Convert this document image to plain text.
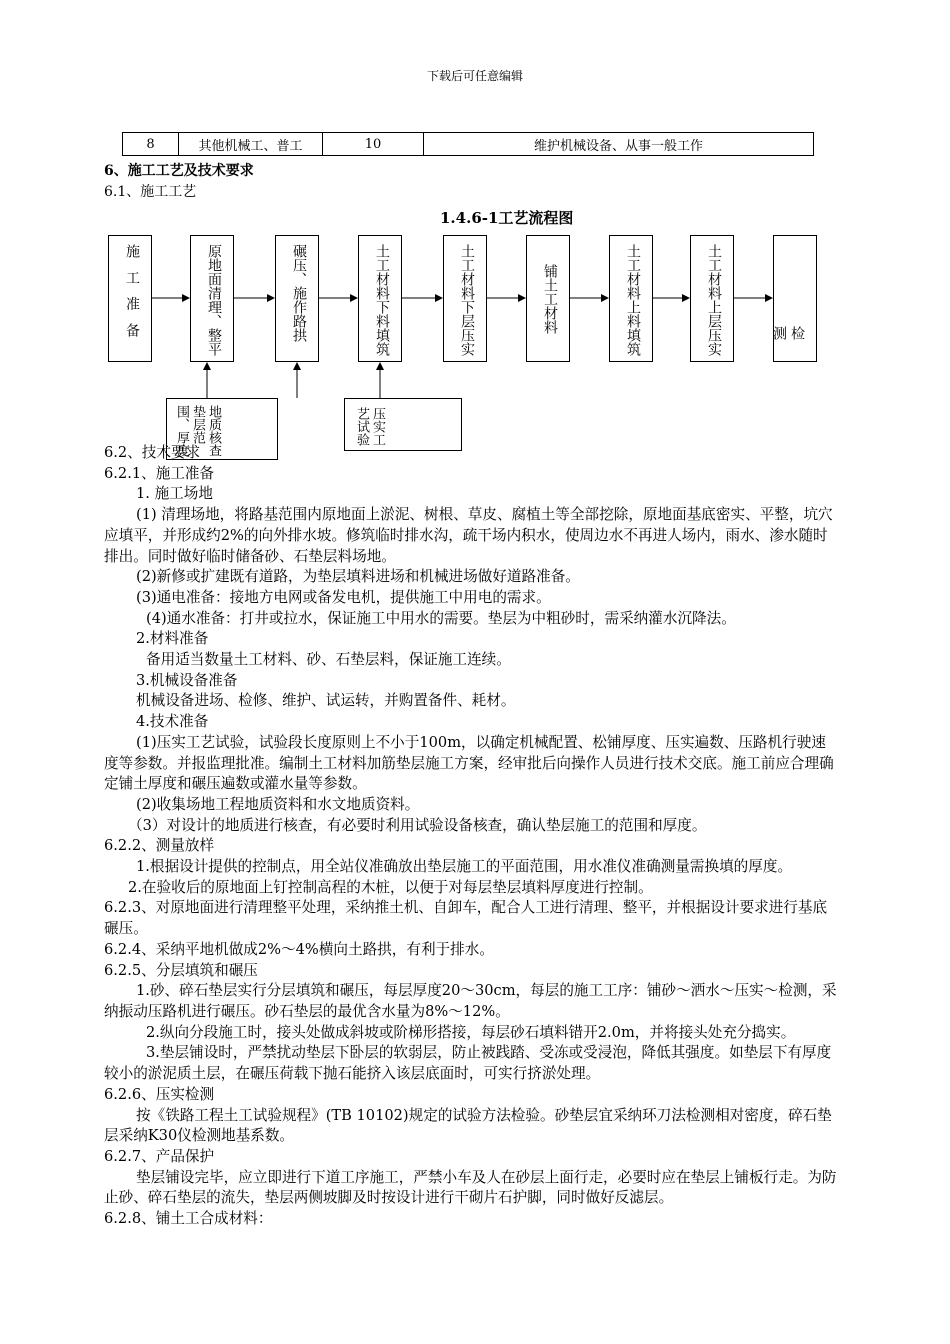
下载后可任意编辑
8	其他机械工、普工	10	维护机械设备、从事一般工作
6、施工工艺及技术要求
6.1、施工工艺
1.4.6-1工艺流程图
施 工 准 备	原地面清理、整平	碾压、施作路拱	土工材料下料填筑	土工材料下层压实	铺土工材料	土工材料上料填筑	土工材料上层压实	检　　测
地质核查垫层范围、厚度	压实工艺试验

6.2、技术要求

6.2.1、施工准备

1. 施工场地

(1) 清理场地，将路基范围内原地面上淤泥、树根、草皮、腐植土等全部挖除，原地面基底密实、平整，坑穴应填平，并形成约2%的向外排水坡。修筑临时排水沟，疏干场内积水，使周边水不再进人场内，雨水、渗水随时排出。同时做好临时储备砂、石垫层料场地。

(2)新修或扩建既有道路，为垫层填料进场和机械进场做好道路准备。

(3)通电准备：接地方电网或备发电机，提供施工中用电的需求。

(4)通水准备：打井或拉水，保证施工中用水的需要。垫层为中粗砂时，需采纳灌水沉降法。

2.材料准备

备用适当数量土工材料、砂、石垫层料，保证施工连续。

3.机械设备准备

机械设备进场、检修、维护、试运转，并购置备件、耗材。

4.技术准备

(1)压实工艺试验，试验段长度原则上不小于100m，以确定机械配置、松铺厚度、压实遍数、压路机行驶速度等参数。并报监理批准。编制土工材料加筋垫层施工方案，经审批后向操作人员进行技术交底。施工前应合理确定铺土厚度和碾压遍数或灌水量等参数。

(2)收集场地工程地质资料和水文地质资料。

（3）对设计的地质进行核查，有必要时利用试验设备核查，确认垫层施工的范围和厚度。

6.2.2、测量放样

1.根据设计提供的控制点，用全站仪准确放出垫层施工的平面范围，用水准仪准确测量需换填的厚度。

2.在验收后的原地面上钉控制高程的木桩，以便于对每层垫层填料厚度进行控制。

6.2.3、对原地面进行清理整平处理，采纳推土机、自卸车，配合人工进行清理、整平，并根据设计要求进行基底碾压。

6.2.4、采纳平地机做成2%～4%横向土路拱，有利于排水。

6.2.5、分层填筑和碾压

1.砂、碎石垫层实行分层填筑和碾压，每层厚度20～30cm，每层的施工工序：铺砂～洒水～压实～检测，采纳振动压路机进行碾压。砂石垫层的最优含水量为8%～12%。

2.纵向分段施工时，接头处做成斜坡或阶梯形搭接，每层砂石填料错开2.0m，并将接头处充分捣实。

3.垫层铺设时，严禁扰动垫层下卧层的软弱层，防止被践踏、受冻或受浸泡，降低其强度。如垫层下有厚度较小的淤泥质土层，在碾压荷载下抛石能挤入该层底面时，可实行挤淤处理。

6.2.6、压实检测

按《铁路工程土工试验规程》(TB 10102)规定的试验方法检验。砂垫层宜采纳环刀法检测相对密度，碎石垫层采纳K30仪检测地基系数。

6.2.7、产品保护

垫层铺设完毕，应立即进行下道工序施工，严禁小车及人在砂层上面行走，必要时应在垫层上铺板行走。为防止砂、碎石垫层的流失，垫层两侧坡脚及时按设计进行干砌片石护脚，同时做好反滤层。

6.2.8、铺土工合成材料：
